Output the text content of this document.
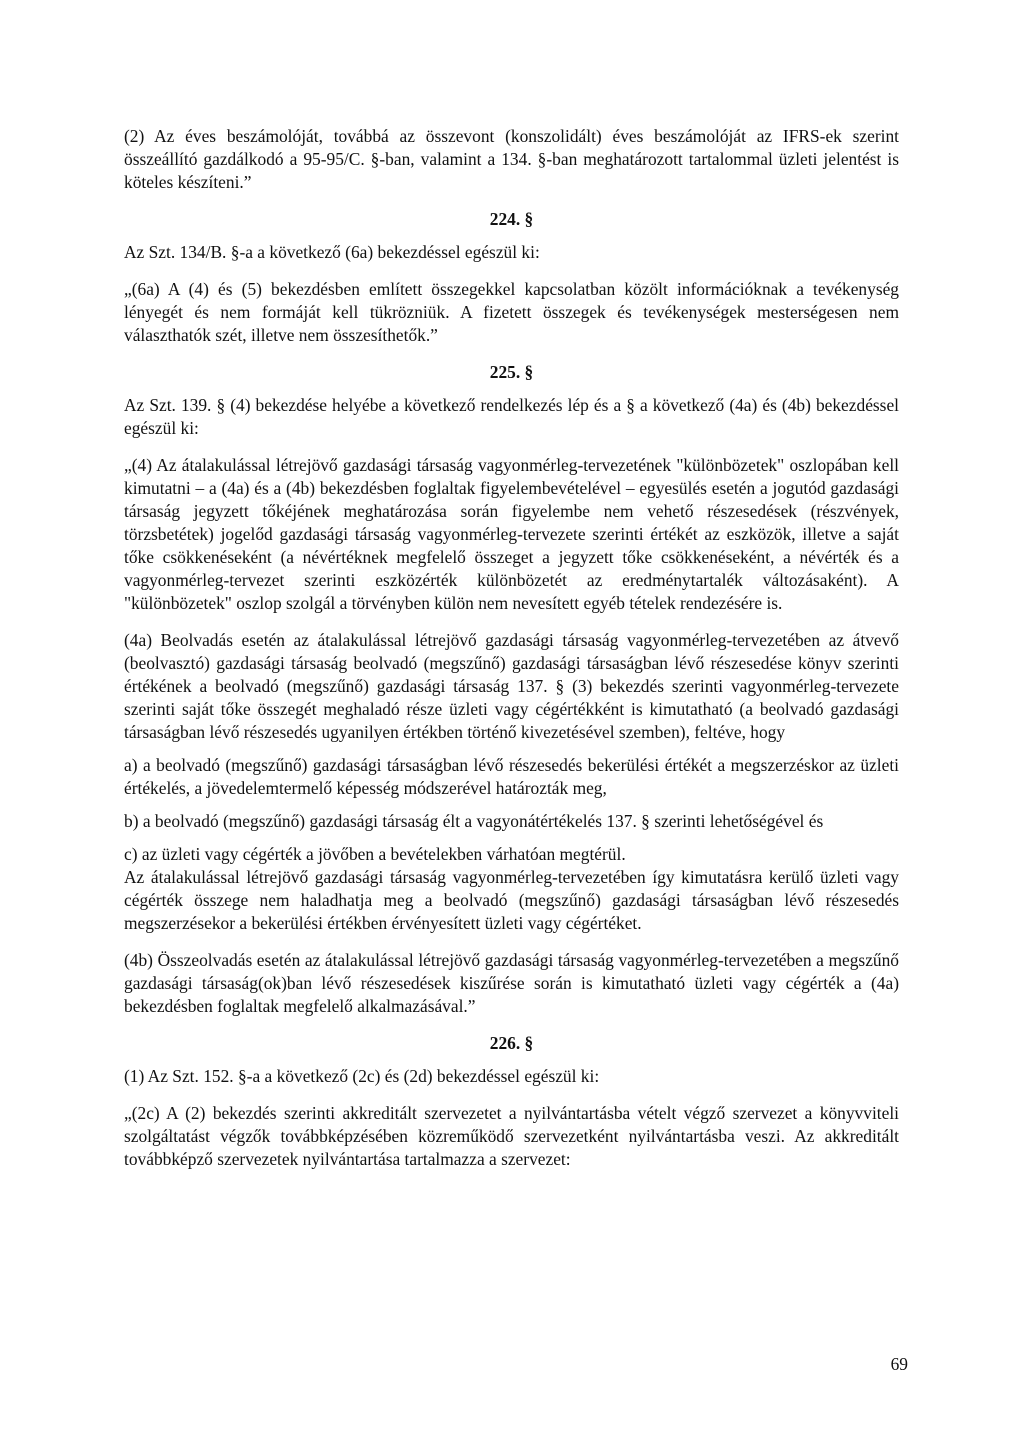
(2) Az éves beszámolóját, továbbá az összevont (konszolidált) éves beszámolóját az IFRS-ek szerint összeállító gazdálkodó a 95-95/C. §-ban, valamint a 134. §-ban meghatározott tartalommal üzleti jelentést is köteles készíteni.”

224. §

Az Szt. 134/B. §-a a következő (6a) bekezdéssel egészül ki:

„(6a) A (4) és (5) bekezdésben említett összegekkel kapcsolatban közölt információknak a tevékenység lényegét és nem formáját kell tükrözniük. A fizetett összegek és tevékenységek mesterségesen nem választhatók szét, illetve nem összesíthetők.”

225. §

Az Szt. 139. § (4) bekezdése helyébe a következő rendelkezés lép és a § a következő (4a) és (4b) bekezdéssel egészül ki:

„(4) Az átalakulással létrejövő gazdasági társaság vagyonmérleg-tervezetének "különbözetek" oszlopában kell kimutatni – a (4a) és a (4b) bekezdésben foglaltak figyelembevételével – egyesülés esetén a jogutód gazdasági társaság jegyzett tőkéjének meghatározása során figyelembe nem vehető részesedések (részvények, törzsbetétek) jogelőd gazdasági társaság vagyonmérleg-tervezete szerinti értékét az eszközök, illetve a saját tőke csökkenéseként (a névértéknek megfelelő összeget a jegyzett tőke csökkenéseként, a névérték és a vagyonmérleg-tervezet szerinti eszközérték különbözetét az eredménytartalék változásaként). A "különbözetek" oszlop szolgál a törvényben külön nem nevesített egyéb tételek rendezésére is.

(4a) Beolvadás esetén az átalakulással létrejövő gazdasági társaság vagyonmérleg-tervezetében az átvevő (beolvasztó) gazdasági társaság beolvadó (megszűnő) gazdasági társaságban lévő részesedése könyv szerinti értékének a beolvadó (megszűnő) gazdasági társaság 137. § (3) bekezdés szerinti vagyonmérleg-tervezete szerinti saját tőke összegét meghaladó része üzleti vagy cégértékként is kimutatható (a beolvadó gazdasági társaságban lévő részesedés ugyanilyen értékben történő kivezetésével szemben), feltéve, hogy

a) a beolvadó (megszűnő) gazdasági társaságban lévő részesedés bekerülési értékét a megszerzéskor az üzleti értékelés, a jövedelemtermelő képesség módszerével határozták meg,

b) a beolvadó (megszűnő) gazdasági társaság élt a vagyonátértékelés 137. § szerinti lehetőségével és

c) az üzleti vagy cégérték a jövőben a bevételekben várhatóan megtérül.

Az átalakulással létrejövő gazdasági társaság vagyonmérleg-tervezetében így kimutatásra kerülő üzleti vagy cégérték összege nem haladhatja meg a beolvadó (megszűnő) gazdasági társaságban lévő részesedés megszerzésekor a bekerülési értékben érvényesített üzleti vagy cégértéket.

(4b) Összeolvadás esetén az átalakulással létrejövő gazdasági társaság vagyonmérleg-tervezetében a megszűnő gazdasági társaság(ok)ban lévő részesedések kiszűrése során is kimutatható üzleti vagy cégérték a (4a) bekezdésben foglaltak megfelelő alkalmazásával.”

226. §

(1) Az Szt. 152. §-a a következő (2c) és (2d) bekezdéssel egészül ki:

„(2c) A (2) bekezdés szerinti akkreditált szervezetet a nyilvántartásba vételt végző szervezet a könyvviteli szolgáltatást végzők továbbképzésében közreműködő szervezetként nyilvántartásba veszi. Az akkreditált továbbképző szervezetek nyilvántartása tartalmazza a szervezet:

69
